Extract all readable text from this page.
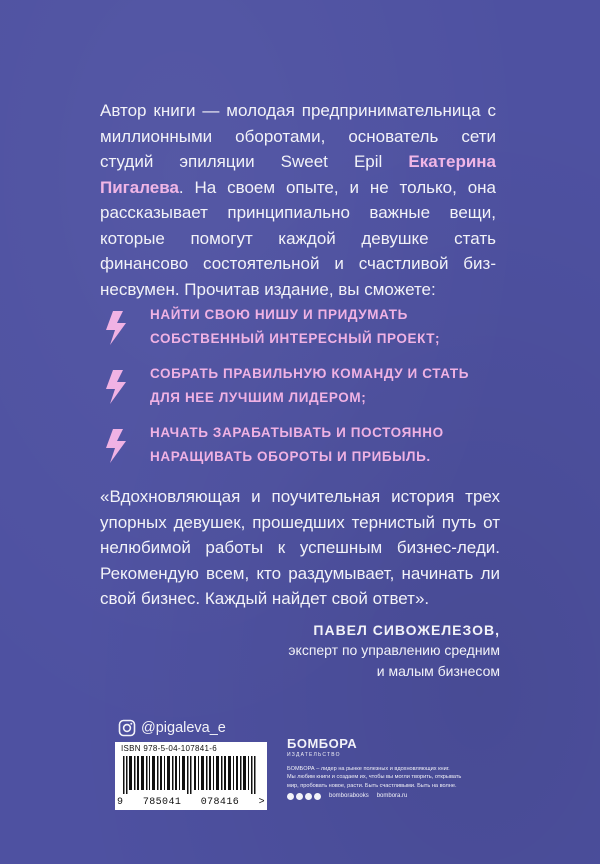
Автор книги — молодая предпринимательница с миллионными оборотами, основатель сети студий эпиляции Sweet Epil Екатерина Пигалева. На своем опыте, и не только, она рассказывает принципиально важные вещи, которые помогут каждой девушке стать финансово состоятельной и счастливой бизнесвумен. Прочитав издание, вы сможете:

НАЙТИ СВОЮ НИШУ И ПРИДУМАТЬ СОБСТВЕННЫЙ ИНТЕРЕСНЫЙ ПРОЕКТ;
СОБРАТЬ ПРАВИЛЬНУЮ КОМАНДУ И СТАТЬ ДЛЯ НЕЕ ЛУЧШИМ ЛИДЕРОМ;
НАЧАТЬ ЗАРАБАТЫВАТЬ И ПОСТОЯННО НАРАЩИВАТЬ ОБОРОТЫ И ПРИБЫЛЬ.

«Вдохновляющая и поучительная история трех упорных девушек, прошедших тернистый путь от нелюбимой работы к успешным бизнес-леди. Рекомендую всем, кто раздумывает, начинать ли свой бизнес. Каждый найдет свой ответ».

ПАВЕЛ СИВОЖЕЛЕЗОВ,
эксперт по управлению средним
и малым бизнесом
@pigaleva_e
ISBN 978-5-04-107841-6
9 785041 078416 >
БОМБОРА
ИЗДАТЕЛЬСТВО

БОМБОРА – лидер на рынке полезных и вдохновляющих книг.

Мы любим книги и создаем их, чтобы вы могли творить, открывать

мир, пробовать новое, расти. Быть счастливыми. Быть на волне.

bomborabooks bombora.ru
